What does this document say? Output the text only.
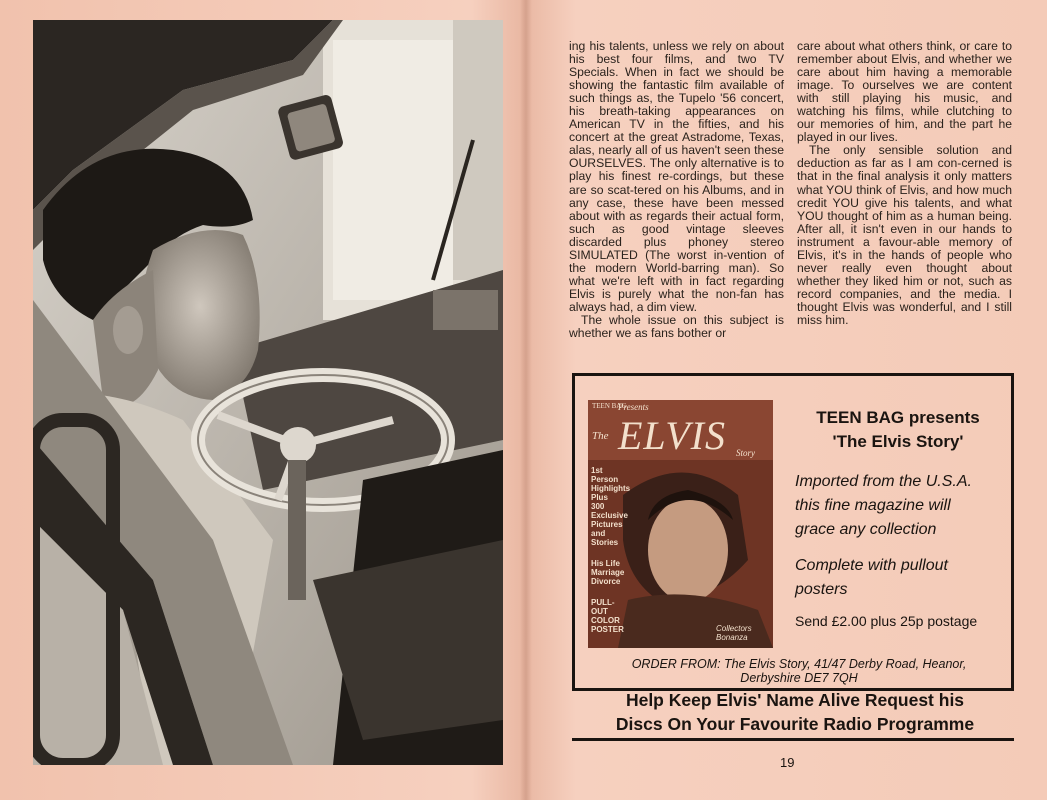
ing his talents, unless we rely on about his best four films, and two TV Specials. When in fact we should be showing the fantastic film available of such things as, the Tupelo '56 concert, his breath-taking appearances on American TV in the fifties, and his concert at the great Astradome, Texas, alas, nearly all of us haven't seen these OURSELVES. The only alternative is to play his finest re-cordings, but these are so scat-tered on his Albums, and in any case, these have been messed about with as regards their actual form, such as good vintage sleeves discarded plus phoney stereo SIMULATED (The worst in-vention of the modern World-barring man). So what we're left with in fact regarding Elvis is purely what the non-fan has always had, a dim view.

The whole issue on this subject is whether we as fans bother or

care about what others think, or care to remember about Elvis, and whether we care about him having a memorable image. To ourselves we are content with still playing his music, and watching his films, while clutching to our memories of him, and the part he played in our lives.

The only sensible solution and deduction as far as I am con-cerned is that in the final analysis it only matters what YOU think of Elvis, and how much credit YOU give his talents, and what YOU thought of him as a human being. After all, it isn't even in our hands to instrument a favour-able memory of Elvis, it's in the hands of people who never really even thought about whether they liked him or not, such as record companies, and the media. I thought Elvis was wonderful, and I still miss him.

Presents
TEEN BAG
The ELVIS Story
1st Person
Highlights
Plus
300
Exclusive
Pictures
and
Stories
His Life
Marriage
Divorce
PULL-OUT
COLOR
POSTER	Collectors Bonanza
TEEN BAG presents
'The Elvis Story'
Imported from the U.S.A.
this fine magazine will
grace any collection
Complete with pullout
posters
Send £2.00 plus 25p postage
ORDER FROM: The Elvis Story, 41/47 Derby Road, Heanor,
Derbyshire DE7 7QH
Help Keep Elvis' Name Alive Request his
Discs On Your Favourite Radio Programme
19
